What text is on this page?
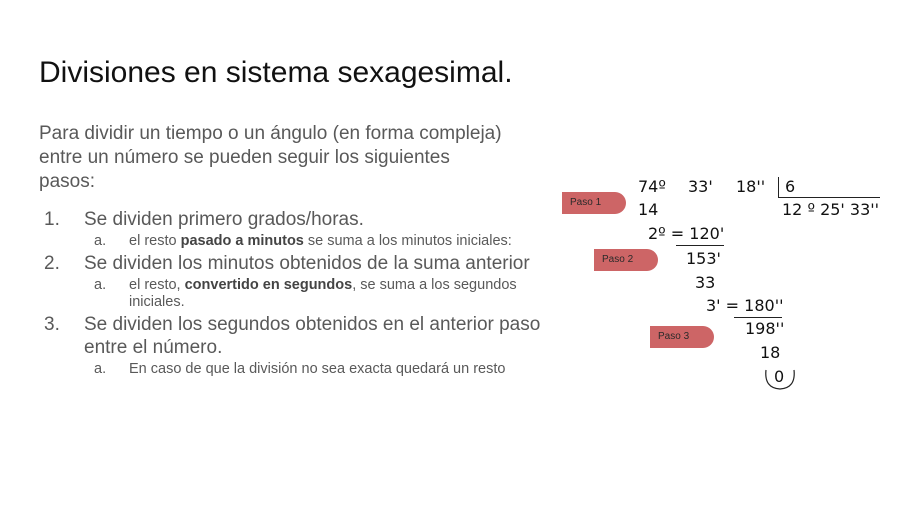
Divisiones en sistema sexagesimal.
Para dividir un tiempo o un ángulo (en forma compleja) entre un número se pueden seguir los siguientes pasos:
1. Se dividen primero grados/horas.
a. el resto pasado a minutos se suma a los minutos iniciales:
2. Se dividen los minutos obtenidos de la suma anterior
a. el resto, convertido en segundos, se suma a los segundos iniciales.
3. Se dividen los segundos obtenidos en el anterior paso entre el número.
a. En caso de que la división no sea exacta quedará un resto
74º 33' 18'' 6
12 º 25' 33''
14
2º = 120'
153'
33
3' = 180''
198''
18
0
Paso 1
Paso 2
Paso 3
